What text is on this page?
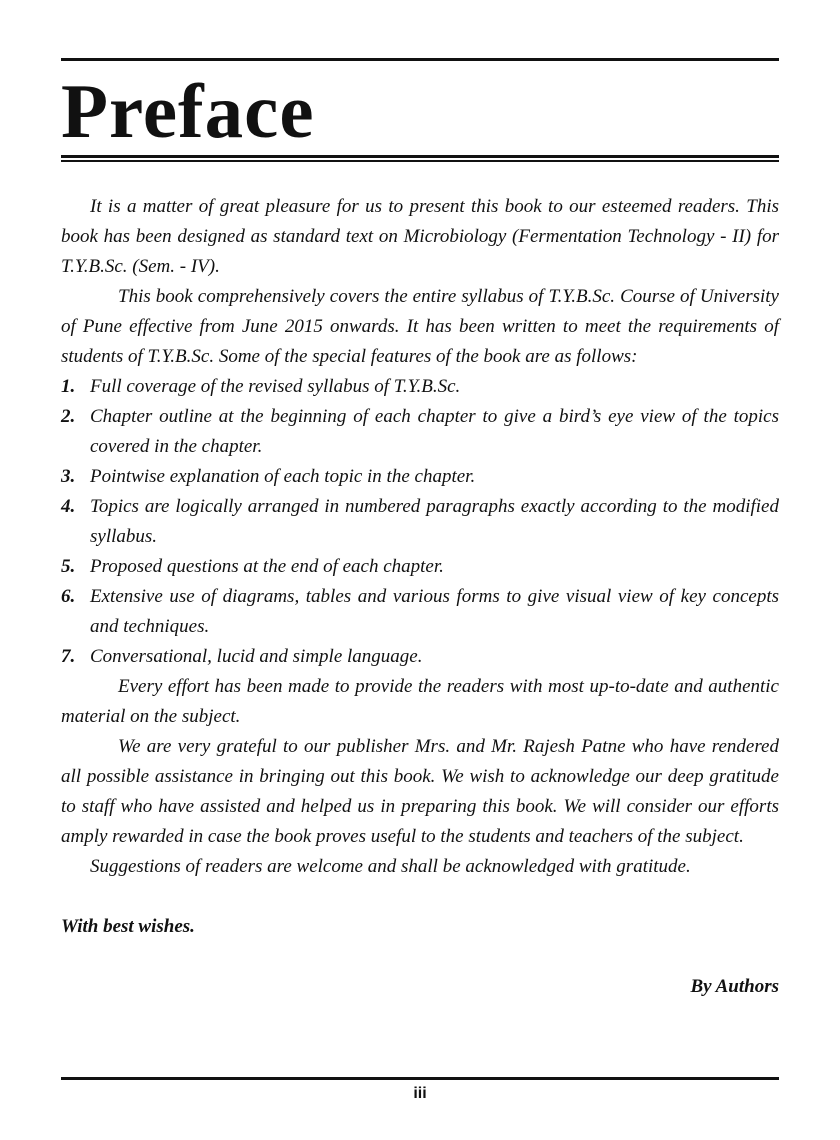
Preface

It is a matter of great pleasure for us to present this book to our esteemed readers. This book has been designed as standard text on Microbiology (Fermentation Technology - II) for T.Y.B.Sc. (Sem. - IV).

This book comprehensively covers the entire syllabus of T.Y.B.Sc. Course of University of Pune effective from June 2015 onwards. It has been written to meet the requirements of students of T.Y.B.Sc. Some of the special features of the book are as follows:

1. Full coverage of the revised syllabus of T.Y.B.Sc.
2. Chapter outline at the beginning of each chapter to give a bird’s eye view of the topics covered in the chapter.
3. Pointwise explanation of each topic in the chapter.
4. Topics are logically arranged in numbered paragraphs exactly according to the modified syllabus.
5. Proposed questions at the end of each chapter.
6. Extensive use of diagrams, tables and various forms to give visual view of key concepts and techniques.
7. Conversational, lucid and simple language.

Every effort has been made to provide the readers with most up-to-date and authentic material on the subject.

We are very grateful to our publisher Mrs. and Mr. Rajesh Patne who have rendered all possible assistance in bringing out this book. We wish to acknowledge our deep gratitude to staff who have assisted and helped us in preparing this book. We will consider our efforts amply rewarded in case the book proves useful to the students and teachers of the subject.

Suggestions of readers are welcome and shall be acknowledged with gratitude.

With best wishes.

By Authors

iii
